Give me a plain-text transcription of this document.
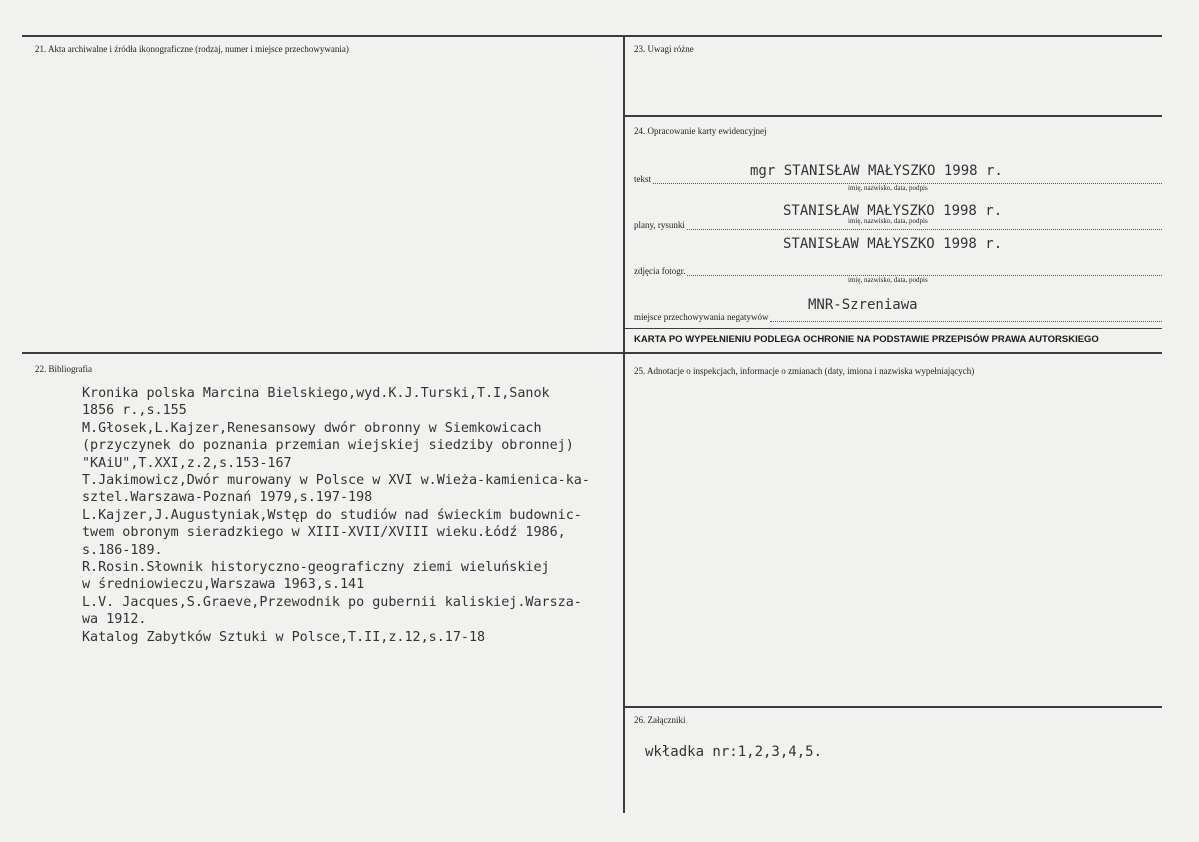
21. Akta archiwalne i źródła ikonograficzne (rodzaj, numer i miejsce przechowywania)	23. Uwagi różne
24. Opracowanie karty ewidencyjnej
mgr STANISŁAW MAŁYSZKO 1998 r.
tekst
imię, nazwisko, data, podpis
STANISŁAW MAŁYSZKO 1998 r.
imię, nazwisko, data, podpis
plany, rysunki
STANISŁAW MAŁYSZKO 1998 r.
zdjęcia fotogr.
imię, nazwisko, data, podpis
MNR-Szreniawa
miejsce przechowywania negatywów
KARTA PO WYPEŁNIENIU PODLEGA OCHRONIE NA PODSTAWIE PRZEPISÓW PRAWA AUTORSKIEGO
22. Bibliografia
Kronika polska Marcina Bielskiego,wyd.K.J.Turski,T.I,Sanok
1856 r.,s.155
M.Głosek,L.Kajzer,Renesansowy dwór obronny w Siemkowicach
(przyczynek do poznania przemian wiejskiej siedziby obronnej)
"KAiU",T.XXI,z.2,s.153-167
T.Jakimowicz,Dwór murowany w Polsce w XVI w.Wieża-kamienica-ka-
sztel.Warszawa-Poznań 1979,s.197-198
L.Kajzer,J.Augustyniak,Wstęp do studiów nad świeckim budownic-
twem obronym sieradzkiego w XIII-XVII/XVIII wieku.Łódź 1986,
s.186-189.
R.Rosin.Słownik historyczno-geograficzny ziemi wieluńskiej
w średniowieczu,Warszawa 1963,s.141
L.V. Jacques,S.Graeve,Przewodnik po gubernii kaliskiej.Warsza-
wa 1912.
Katalog Zabytków Sztuki w Polsce,T.II,z.12,s.17-18
25. Adnotacje o inspekcjach, informacje o zmianach (daty, imiona i nazwiska wypełniających)
26. Załączniki
wkładka nr:1,2,3,4,5.
